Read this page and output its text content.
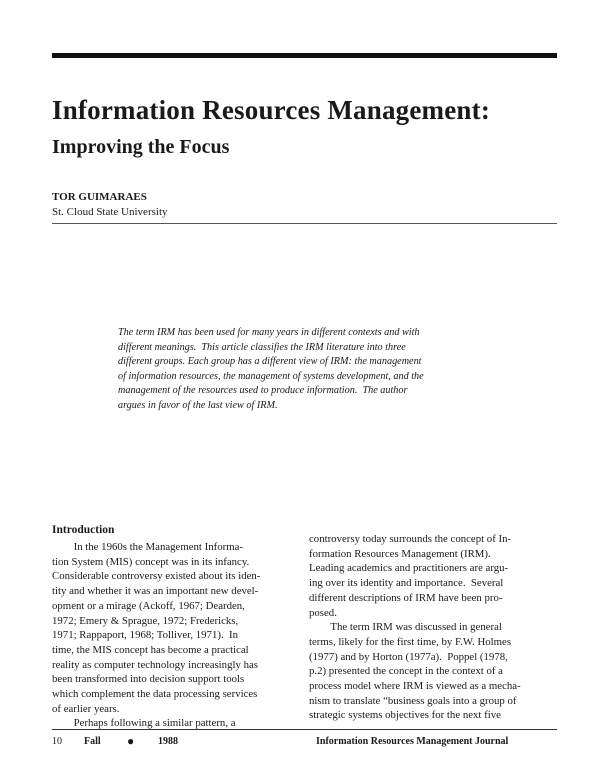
Information Resources Management:
Improving the Focus
TOR GUIMARAES
St. Cloud State University
The term IRM has been used for many years in different contexts and with
different meanings.  This article classifies the IRM literature into three
different groups. Each group has a different view of IRM: the management
of information resources, the management of systems development, and the
management of the resources used to produce information.  The author
argues in favor of the last view of IRM.
Introduction
In the 1960s the Management Informa-
tion System (MIS) concept was in its infancy.
Considerable controversy existed about its iden-
tity and whether it was an important new devel-
opment or a mirage (Ackoff, 1967; Dearden,
1972; Emery & Sprague, 1972; Fredericks,
1971; Rappaport, 1968; Tolliver, 1971).  In
time, the MIS concept has become a practical
reality as computer technology increasingly has
been transformed into decision support tools
which complement the data processing services
of earlier years.
Perhaps following a similar pattern, a
controversy today surrounds the concept of In-
formation Resources Management (IRM).
Leading academics and practitioners are argu-
ing over its identity and importance.  Several
different descriptions of IRM have been pro-
posed.
The term IRM was discussed in general
terms, likely for the first time, by F.W. Holmes
(1977) and by Horton (1977a).  Poppel (1978,
p.2) presented the concept in the context of a
process model where IRM is viewed as a mecha-
nism to translate “business goals into a group of
strategic systems objectives for the next five
10 Fall ● 1988	Information Resources Management Journal
